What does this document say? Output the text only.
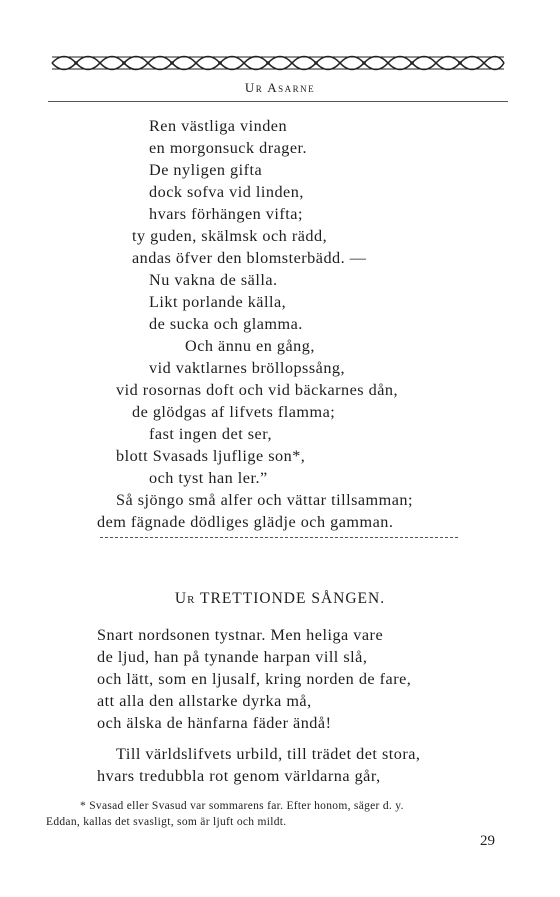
Ur Asarne

Ren västliga vinden

en morgonsuck drager.

De nyligen gifta

dock sofva vid linden,

hvars förhängen vifta;

ty guden, skälmsk och rädd,

andas öfver den blomsterbädd. —

Nu vakna de sälla.

Likt porlande källa,

de sucka och glamma.

Och ännu en gång,

vid vaktlarnes bröllopssång,

vid rosornas doft och vid bäckarnes dån,

de glödgas af lifvets flamma;

fast ingen det ser,

blott Svasads ljuflige son*,

och tyst han ler.”

Så sjöngo små alfer och vättar tillsamman;

dem fägnade dödliges glädje och gamman.

Ur TRETTIONDE SÅNGEN.

Snart nordsonen tystnar. Men heliga vare

de ljud, han på tynande harpan vill slå,

och lätt, som en ljusalf, kring norden de fare,

att alla den allstarke dyrka må,

och älska de hänfarna fäder ändå!

Till världslifvets urbild, till trädet det stora,

hvars tredubbla rot genom världarna går,

* Svasad eller Svasud var sommarens far. Efter honom, säger d. y.

Eddan, kallas det svasligt, som är ljuft och mildt.

29
